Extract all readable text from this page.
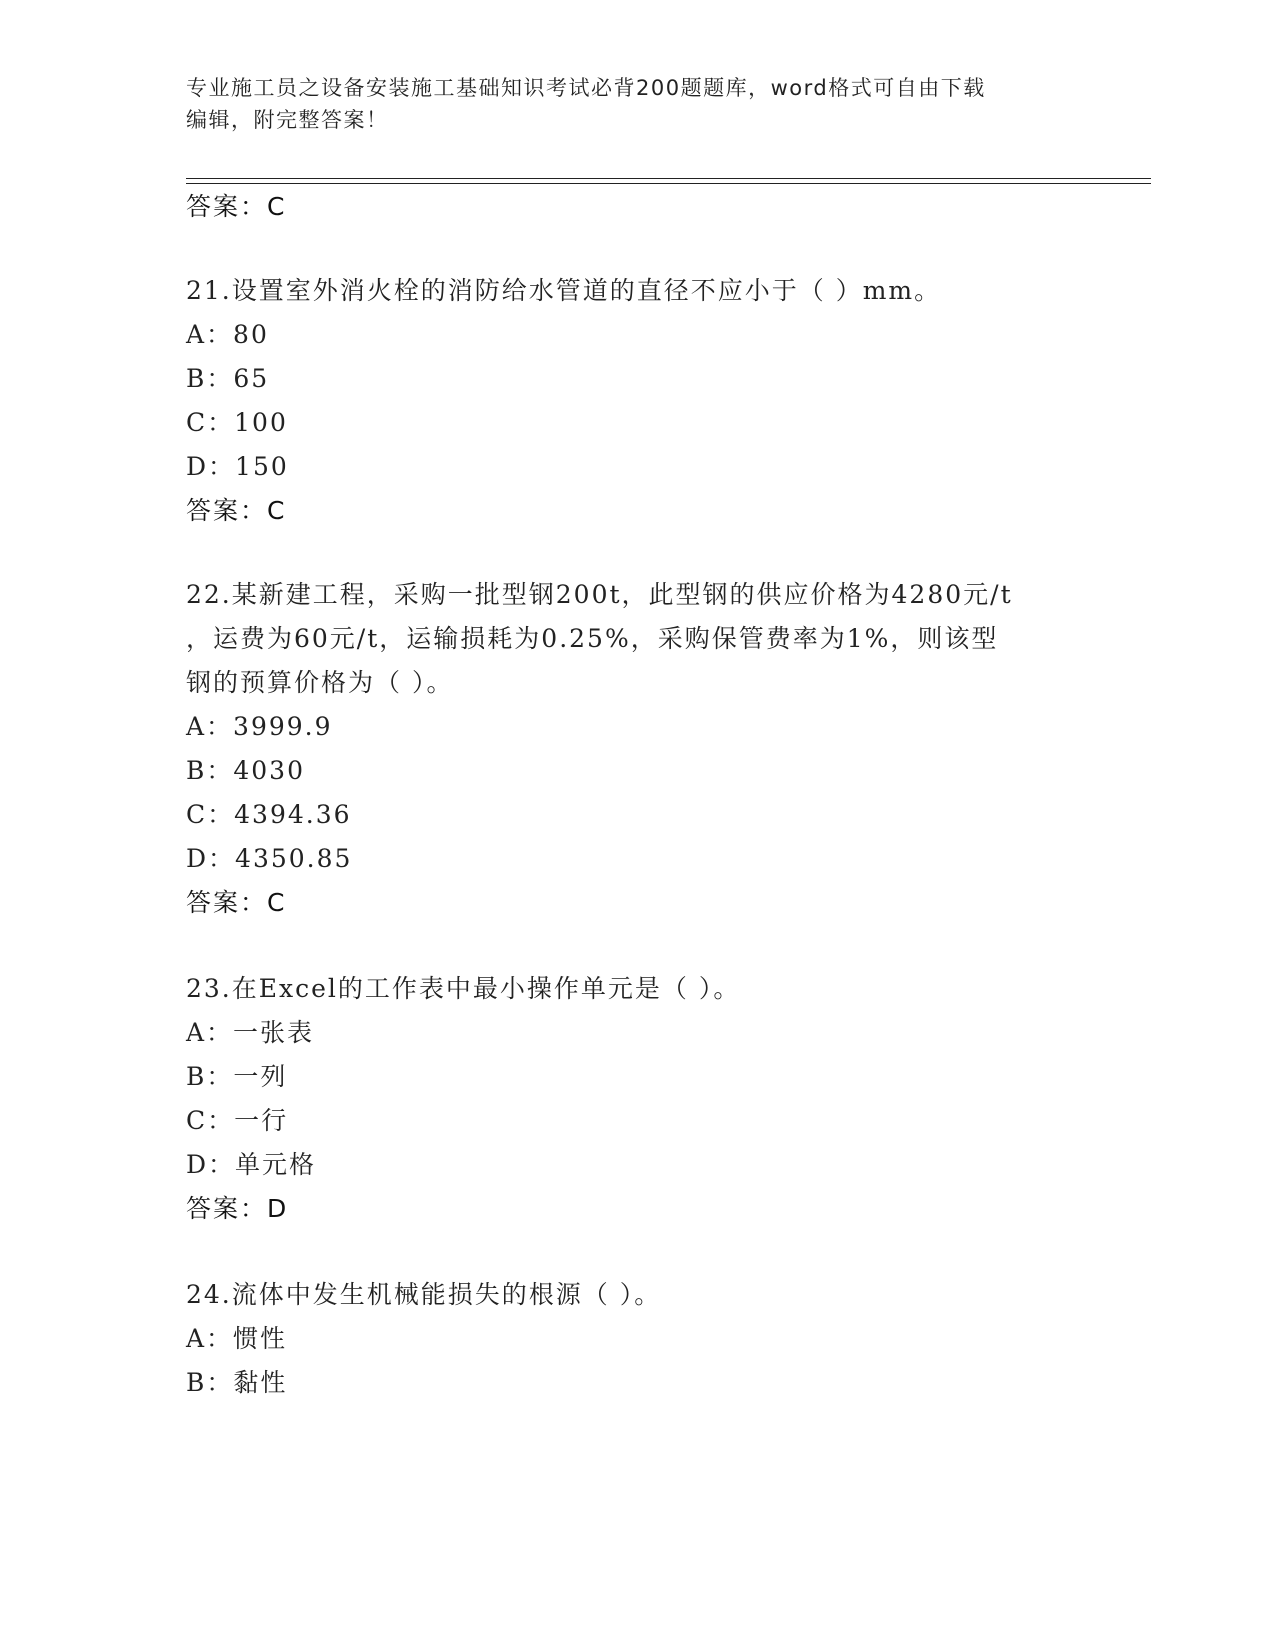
专业施工员之设备安装施工基础知识考试必背200题题库，word格式可自由下载
编辑，附完整答案！
答案：C
21.设置室外消火栓的消防给水管道的直径不应小于（ ）mm。
A：80
B：65
C：100
D：150
答案：C
22.某新建工程，采购一批型钢200t，此型钢的供应价格为4280元/t
，运费为60元/t，运输损耗为0.25%，采购保管费率为1%，则该型
钢的预算价格为（ ）。
A：3999.9
B：4030
C：4394.36
D：4350.85
答案：C
23.在Excel的工作表中最小操作单元是（ ）。
A：一张表
B：一列
C：一行
D：单元格
答案：D
24.流体中发生机械能损失的根源（ ）。
A：惯性
B：黏性
